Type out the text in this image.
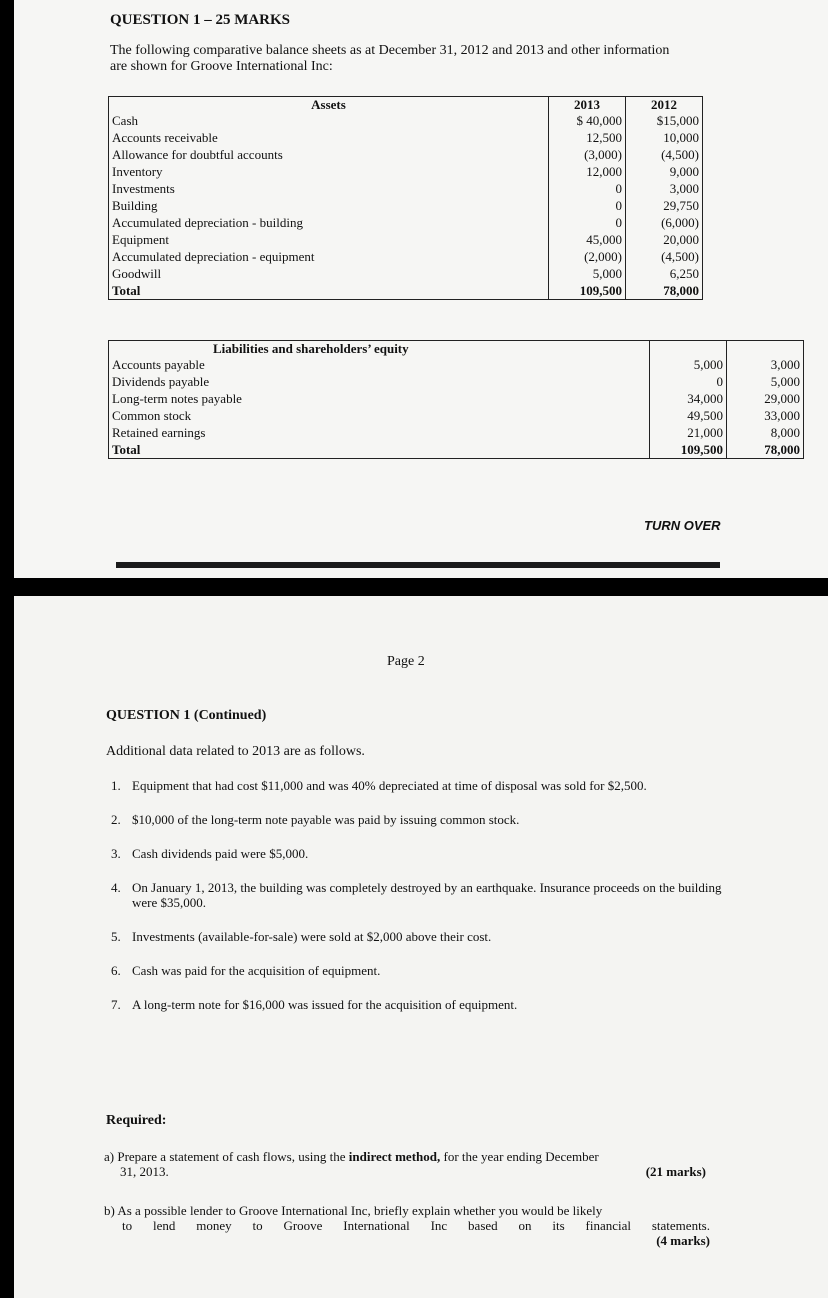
QUESTION 1 – 25 MARKS
The following comparative balance sheets as at December 31, 2012 and 2013 and other information are shown for Groove International Inc:
Assets	2013	2012
Cash	$ 40,000	$15,000
Accounts receivable	12,500	10,000
Allowance for doubtful accounts	(3,000)	(4,500)
Inventory	12,000	9,000
Investments	0	3,000
Building	0	29,750
Accumulated depreciation - building	0	(6,000)
Equipment	45,000	20,000
Accumulated depreciation - equipment	(2,000)	(4,500)
Goodwill	5,000	6,250
Total	109,500	78,000
Liabilities and shareholders’ equity		
Accounts payable	5,000	3,000
Dividends payable	0	5,000
Long-term notes payable	34,000	29,000
Common stock	49,500	33,000
Retained earnings	21,000	8,000
Total	109,500	78,000
TURN OVER
Page 2
QUESTION 1 (Continued)
Additional data related to 2013 are as follows.
1. Equipment that had cost $11,000 and was 40% depreciated at time of disposal was sold for $2,500.
2. $10,000 of the long-term note payable was paid by issuing common stock.
3. Cash dividends paid were $5,000.
4. On January 1, 2013, the building was completely destroyed by an earthquake. Insurance proceeds on the building were $35,000.
5. Investments (available-for-sale) were sold at $2,000 above their cost.
6. Cash was paid for the acquisition of equipment.
7. A long-term note for $16,000 was issued for the acquisition of equipment.
Required:
a) Prepare a statement of cash flows, using the indirect method, for the year ending December
31, 2013.	(21 marks)
b) As a possible lender to Groove International Inc, briefly explain whether you would be likely
to lend money to Groove International Inc based on its financial statements.
(4 marks)
